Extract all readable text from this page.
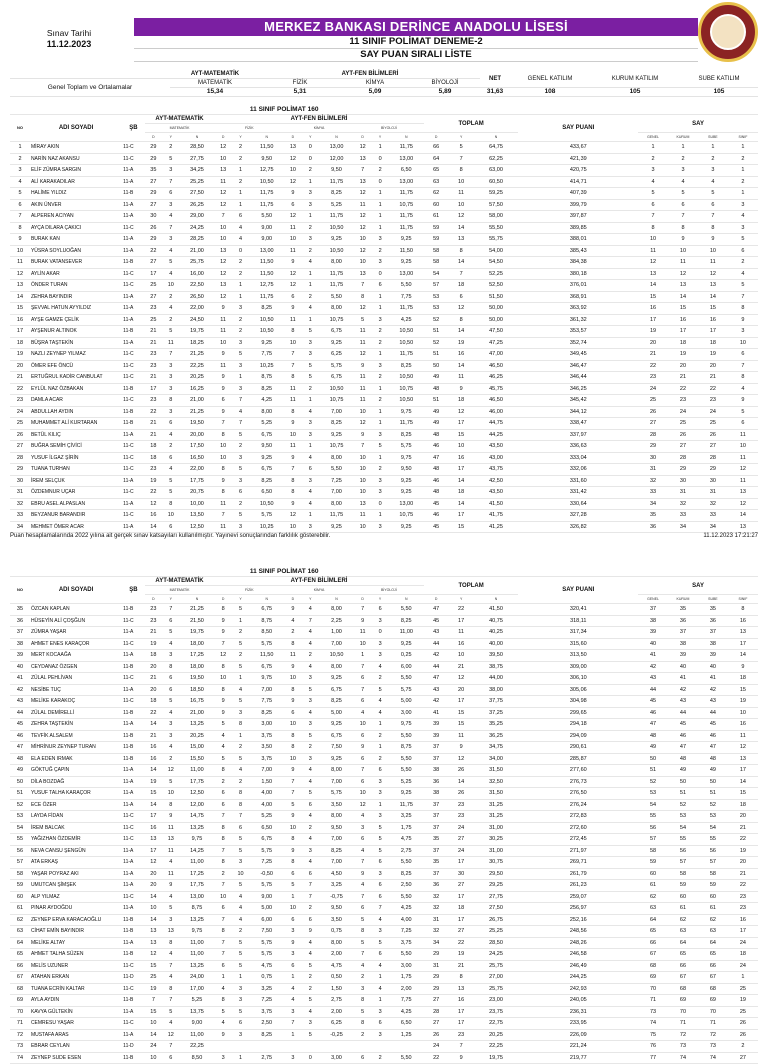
Sınav Tarihi
11.12.2023
MERKEZ BANKASI DERİNCE ANADOLU LİSESİ
11 SINIF POLİMAT DENEME-2
SAY PUAN SIRALI LİSTE
	AYT-MATEMATİK	AYT-FEN BİLİMLERİ			NET	GENEL KATILIM	KURUM KATILIM	SUBE KATILIM
Genel Toplam ve Ortalamalar	MATEMATİK	FİZİK	KİMYA	BİYOLOJİ				
	15,34	5,31	5,09	5,89	31,63	108	105	105
			11 SINIF POLİMAT 160																			
NO	ADI SOYADI	ŞB	AYT-MATEMATİK			AYT-FEN BİLİMLERİ									TOPLAM			SAY PUANI	SAY			
			MATEMATİK			FİZİK			KİMYA			BİYOLOJİ										
			D	Y	N	D	Y	N	D	Y	N	D	Y	N	D	Y	N		GENEL	KURUM	SUBE	SINIF
1	MİRAY AKIN	11-C	29	2	28,50	12	2	11,50	13	0	13,00	12	1	11,75	66	5	64,75	433,67	1	1	1	1
2	NARİN NAZ AKANSU	11-C	29	5	27,75	10	2	9,50	12	0	12,00	13	0	13,00	64	7	62,25	421,39	2	2	2	2
3	ELİF ZÜMRA SARGIN	11-A	35	3	34,25	13	1	12,75	10	2	9,50	7	2	6,50	65	8	63,00	420,75	3	3	3	1
4	ALİ KARAKADILAR	11-A	27	7	25,25	11	2	10,50	12	1	11,75	13	0	13,00	63	10	60,50	414,71	4	4	4	2
5	HALİME YILDIZ	11-B	29	6	27,50	12	1	11,75	9	3	8,25	12	1	11,75	62	11	59,25	407,39	5	5	5	1
6	AKIN ÜNVER	11-A	27	3	26,25	12	1	11,75	6	3	5,25	11	1	10,75	60	10	57,50	399,79	6	6	6	3
7	ALPEREN ACIYAN	11-A	30	4	29,00	7	6	5,50	12	1	11,75	12	1	11,75	61	12	58,00	397,87	7	7	7	4
8	AYÇA DILARA ÇAKICI	11-C	26	7	24,25	10	4	9,00	11	2	10,50	12	1	11,75	59	14	55,50	389,85	8	8	8	3
9	BURAK KAN	11-A	29	3	28,25	10	4	9,00	10	3	9,25	10	3	9,25	59	13	55,75	388,01	10	9	9	5
10	YÜSRA SOYLUOĞAN	11-A	22	4	21,00	13	0	13,00	11	2	10,50	12	2	11,50	58	8	54,00	385,43	11	10	10	6
11	BURAK VATANSEVER	11-B	27	5	25,75	12	2	11,50	9	4	8,00	10	3	9,25	58	14	54,50	384,38	12	11	11	2
12	AYLİN AKAR	11-C	17	4	16,00	12	2	11,50	12	1	11,75	13	0	13,00	54	7	52,25	380,18	13	12	12	4
13	ÖNDER TURAN	11-C	25	10	22,50	13	1	12,75	12	1	11,75	7	6	5,50	57	18	52,50	376,01	14	13	13	5
14	ZEHRA BAYINDIR	11-A	27	2	26,50	12	1	11,75	6	2	5,50	8	1	7,75	53	6	51,50	368,91	15	14	14	7
15	ŞEVVAL HATUN AYYILDIZ	11-A	23	4	22,00	9	3	8,25	9	4	8,00	12	1	11,75	53	12	50,00	363,92	16	15	15	8
16	AYŞE GAMZE ÇELİK	11-A	25	2	24,50	11	2	10,50	11	1	10,75	5	3	4,25	52	8	50,00	361,32	17	16	16	9
17	AYŞENUR ALTINOK	11-B	21	5	19,75	11	2	10,50	8	5	6,75	11	2	10,50	51	14	47,50	353,57	19	17	17	3
18	BÜŞRA TAŞTEKİN	11-A	21	11	18,25	10	3	9,25	10	3	9,25	11	2	10,50	52	19	47,25	352,74	20	18	18	10
19	NAZLI ZEYNEP YILMAZ	11-C	23	7	21,25	9	5	7,75	7	3	6,25	12	1	11,75	51	16	47,00	349,45	21	19	19	6
20	ÖMER EFE ÖNCÜ	11-C	23	3	22,25	11	3	10,25	7	5	5,75	9	3	8,25	50	14	46,50	346,47	22	20	20	7
21	ERTUĞRUL KADİR CANBULAT	11-C	21	3	20,25	9	1	8,75	8	5	6,75	11	2	10,50	49	11	46,25	346,44	23	21	21	8
22	EYLÜL NAZ ÖZBAKAN	11-B	17	3	16,25	9	3	8,25	11	2	10,50	11	1	10,75	48	9	45,75	346,25	24	22	22	4
23	DAMLA ACAR	11-C	23	8	21,00	6	7	4,25	11	1	10,75	11	2	10,50	51	18	46,50	345,42	25	23	23	9
24	ABDULLAH AYDIN	11-B	22	3	21,25	9	4	8,00	8	4	7,00	10	1	9,75	49	12	46,00	344,12	26	24	24	5
25	MUHAMMET ALİ KURTARAN	11-B	21	6	19,50	7	7	5,25	9	3	8,25	12	1	11,75	49	17	44,75	338,47	27	25	25	6
26	BETÜL KILIÇ	11-A	21	4	20,00	8	5	6,75	10	3	9,25	9	3	8,25	48	15	44,25	337,97	28	26	26	11
27	BUĞRA SEMİH ÇİVİCİ	11-C	18	2	17,50	10	2	9,50	11	1	10,75	7	5	5,75	46	10	43,50	336,63	29	27	27	10
28	YUSUF İLGAZ ŞİRİN	11-C	18	6	16,50	10	3	9,25	9	4	8,00	10	1	9,75	47	16	43,00	333,04	30	28	28	11
29	TUANA TURHAN	11-C	23	4	22,00	8	5	6,75	7	6	5,50	10	2	9,50	48	17	43,75	332,06	31	29	29	12
30	İREM SELÇUK	11-A	19	5	17,75	9	3	8,25	8	3	7,25	10	3	9,25	46	14	42,50	331,60	32	30	30	11
31	ÖZDEMNUR UÇAR	11-C	22	5	20,75	8	6	6,50	8	4	7,00	10	3	9,25	48	18	43,50	331,42	33	31	31	13
32	EBRU ASEL ALPASLAN	11-A	12	8	10,00	11	2	10,50	9	4	8,00	13	0	13,00	45	14	41,50	330,64	34	32	32	12
33	BEYZANUR BARANDIR	11-C	16	10	13,50	7	5	5,75	12	1	11,75	11	1	10,75	46	17	41,75	327,28	35	33	33	14
34	MEHMET ÖMER ACAR	11-A	14	6	12,50	11	3	10,25	10	3	9,25	10	3	9,25	45	15	41,25	326,82	36	34	34	13
Puan hesaplamalarında 2022 yılına ait gerçek sınav katsayıları kullanılmıştır. Yayınevi sonuçlarından farklılık gösterebilir.	11.12.2023 17:21:27
			11 SINIF POLİMAT 160																			
NO	ADI SOYADI	ŞB	AYT-MATEMATİK			AYT-FEN BİLİMLERİ									TOPLAM			SAY PUANI	SAY			
			MATEMATİK			FİZİK			KİMYA			BİYOLOJİ										
			D	Y	N	D	Y	N	D	Y	N	D	Y	N	D	Y	N		GENEL	KURUM	SUBE	SINIF
35	ÖZCAN KAPLAN	11-B	23	7	21,25	8	5	6,75	9	4	8,00	7	6	5,50	47	22	41,50	320,41	37	35	35	8
36	HÜSEYİN ALİ ÇOŞĞUN	11-C	23	6	21,50	9	1	8,75	4	7	2,25	9	3	8,25	45	17	40,75	318,11	38	36	36	16
37	ZÜMRA YAŞAR	11-A	21	5	19,75	9	2	8,50	2	4	1,00	11	0	11,00	43	11	40,25	317,34	39	37	37	13
38	AHMET ENES KARAÇOR	11-C	19	4	18,00	7	5	5,75	8	4	7,00	10	3	9,25	44	16	40,00	315,60	40	38	38	17
39	MERT KOCAAĞA	11-A	18	3	17,25	12	2	11,50	11	2	10,50	1	3	0,25	42	10	39,50	313,50	41	39	39	14
40	CEYDANAZ ÖZGEN	11-B	20	8	18,00	8	5	6,75	9	4	8,00	7	4	6,00	44	21	38,75	309,00	42	40	40	9
41	ZÜLAL PEHLİVAN	11-C	21	6	19,50	10	1	9,75	10	3	9,25	6	2	5,50	47	12	44,00	306,10	43	41	41	18
42	NESİBE TUÇ	11-A	20	6	18,50	8	4	7,00	8	5	6,75	7	5	5,75	43	20	38,00	305,06	44	42	42	15
43	MELİKE KARAKOÇ	11-C	18	5	16,75	9	5	7,75	9	3	8,25	6	4	5,00	42	17	37,75	304,98	45	43	43	19
44	ZÜLAL DEMİRELLİ	11-B	22	4	21,00	9	3	8,25	6	4	5,00	4	4	3,00	41	15	37,25	299,65	46	44	44	10
45	ZEHRA TAŞTEKİN	11-A	14	3	13,25	5	8	3,00	10	3	9,25	10	1	9,75	39	15	35,25	294,18	47	45	45	16
46	TEVFİK ALSALEM	11-B	21	3	20,25	4	1	3,75	8	5	6,75	6	2	5,50	39	11	36,25	294,09	48	46	46	11
47	MİHRİNUR ZEYNEP TURAN	11-B	16	4	15,00	4	2	3,50	8	2	7,50	9	1	8,75	37	9	34,75	290,61	49	47	47	12
48	ELA EDEN IRMAK	11-B	16	2	15,50	5	5	3,75	10	3	9,25	6	2	5,50	37	12	34,00	285,87	50	48	48	13
49	GÖKTUĞ ÇAPIN	11-A	14	12	11,00	8	4	7,00	9	4	8,00	7	6	5,50	38	26	31,50	277,60	51	49	49	17
50	DİLA BOZDAĞ	11-A	19	5	17,75	2	2	1,50	7	4	7,00	6	3	5,25	36	14	32,50	276,73	52	50	50	14
51	YUSUF TALHA KARAÇOR	11-A	15	10	12,50	6	8	4,00	7	5	5,75	10	3	9,25	38	26	31,50	276,50	53	51	51	15
52	ECE ÖZER	11-A	14	8	12,00	6	8	4,00	5	6	3,50	12	1	11,75	37	23	31,25	276,24	54	52	52	18
53	LAYDA FİDAN	11-C	17	9	14,75	7	7	5,25	9	4	8,00	4	3	3,25	37	23	31,25	272,83	55	53	53	20
54	İREM BALCAK	11-C	16	11	13,25	8	6	6,50	10	2	9,50	3	5	1,75	37	24	31,00	272,60	56	54	54	21
55	YAĞIZHAN ÖZDEMİR	11-C	13	13	9,75	8	5	6,75	8	4	7,00	6	5	4,75	35	27	30,25	272,45	57	55	55	22
56	NEVA CANSU ŞENGÜN	11-A	17	11	14,25	7	5	5,75	9	3	8,25	4	5	2,75	37	24	31,00	271,97	58	56	56	19
57	ATA ERKAŞ	11-A	12	4	11,00	8	3	7,25	8	4	7,00	7	6	5,50	35	17	30,75	269,71	59	57	57	20
58	YAŞAR POYRAZ AKI	11-A	20	11	17,25	2	10	-0,50	6	6	4,50	9	3	8,25	37	30	29,50	261,79	60	58	58	21
59	UMUTCAN ŞİMŞEK	11-A	20	9	17,75	7	5	5,75	5	7	3,25	4	6	2,50	36	27	29,25	261,23	61	59	59	22
60	ALP YILMAZ	11-C	14	4	13,00	10	4	9,00	1	7	-0,75	7	6	5,50	32	17	27,75	259,07	62	60	60	23
61	PINAR AYDOĞDU	11-A	10	5	8,75	6	4	5,00	10	2	9,50	6	7	4,25	32	18	27,50	256,97	63	61	61	23
62	ZEYNEP ERVA KARACAOĞLU	11-B	14	3	13,25	7	4	6,00	6	6	3,50	5	4	4,00	31	17	26,75	252,16	64	62	62	16
63	CİHAT EMİN BAYINDIR	11-B	13	13	9,75	8	2	7,50	3	9	0,75	8	3	7,25	32	27	25,25	248,56	65	63	63	17
64	MELİKE ALTAY	11-A	13	8	11,00	7	5	5,75	9	4	8,00	5	5	3,75	34	22	28,50	248,26	66	64	64	24
65	AHMET TALHA SÜZEN	11-B	12	4	11,00	7	5	5,75	3	4	2,00	7	6	5,50	29	19	24,25	246,58	67	65	65	18
66	MELİS UZUNER	11-C	15	7	13,25	6	5	4,75	6	5	4,75	4	4	3,00	31	21	25,75	246,49	68	66	66	24
67	ATAHAN ERKAN	11-D	25	4	24,00	1	1	0,75	1	2	0,50	2	1	1,75	29	8	27,00	244,25	69	67	67	1
68	TUANA ECRİN KALTAR	11-C	19	8	17,00	4	3	3,25	4	2	1,50	3	4	2,00	29	13	25,75	242,93	70	68	68	25
69	AYLA AYDIN	11-B	7	7	5,25	8	3	7,25	4	5	2,75	8	1	7,75	27	16	23,00	240,05	71	69	69	19
70	KAVYA GÜLTEKİN	11-A	15	5	13,75	5	5	3,75	3	4	2,00	5	3	4,25	28	17	23,75	236,31	73	70	70	25
71	CEMRESU YAŞAR	11-C	10	4	9,00	4	6	2,50	7	3	6,25	8	6	6,50	27	17	22,75	233,95	74	71	71	26
72	MUSTAFA ARAS	11-A	14	12	11,00	9	3	8,25	1	5	-0,25	2	3	1,25	26	23	20,25	226,09	75	72	72	26
73	EBRAR CEYLAN	11-D	24	7	22,25										24	7	22,25	221,24	76	73	73	2
74	ZEYNEP SUDE ESEN	11-B	10	6	8,50	3	1	2,75	3	0	3,00	6	2	5,50	22	9	19,75	219,77	77	74	74	27
